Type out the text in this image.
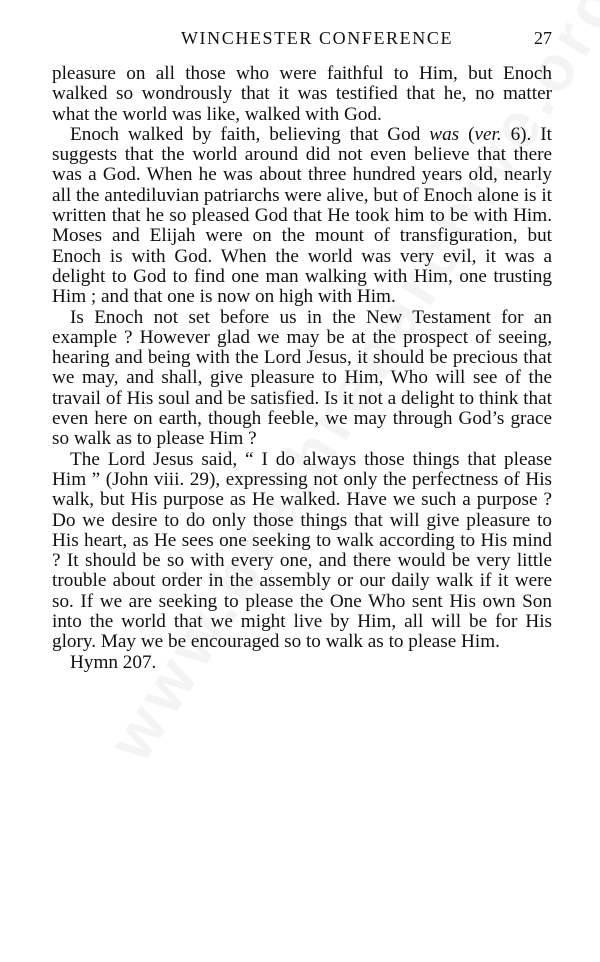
WINCHESTER CONFERENCE	27

pleasure on all those who were faithful to Him, but Enoch walked so wondrously that it was testified that he, no matter what the world was like, walked with God.

Enoch walked by faith, believing that God was (ver. 6). It suggests that the world around did not even believe that there was a God. When he was about three hundred years old, nearly all the antediluvian patriarchs were alive, but of Enoch alone is it written that he so pleased God that He took him to be with Him. Moses and Elijah were on the mount of transfiguration, but Enoch is with God. When the world was very evil, it was a delight to God to find one man walking with Him, one trusting Him ; and that one is now on high with Him.

Is Enoch not set before us in the New Testament for an example ? However glad we may be at the prospect of seeing, hearing and being with the Lord Jesus, it should be precious that we may, and shall, give pleasure to Him, Who will see of the travail of His soul and be satisfied. Is it not a delight to think that even here on earth, though feeble, we may through God’s grace so walk as to please Him ?

The Lord Jesus said, “ I do always those things that please Him ” (John viii. 29), expressing not only the perfectness of His walk, but His purpose as He walked. Have we such a purpose ? Do we desire to do only those things that will give pleasure to His heart, as He sees one seeking to walk according to His mind ? It should be so with every one, and there would be very little trouble about order in the assembly or our daily walk if it were so. If we are seeking to please the One Who sent His own Son into the world that we might live by Him, all will be for His glory. May we be encouraged so to walk as to please Him.

Hymn 207.
